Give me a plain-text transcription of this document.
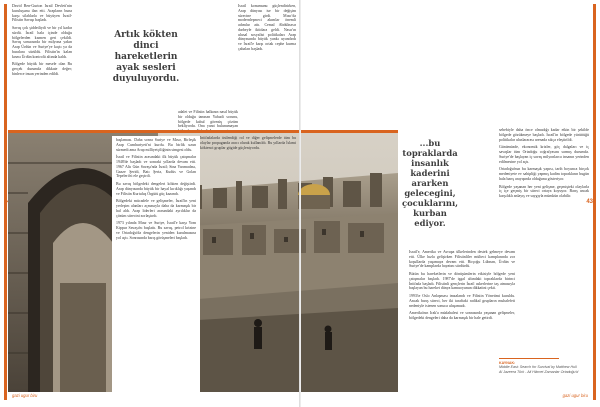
David Ben-Gurion İsrail Devleti'nin kuruluşunu ilan etti. Arapların buna karşı silahlarla ve büyüyen İsrail-Filistin Savaşı başladı.

Savaş çok şiddetliydi ve bir yıl kadar sürdü. İsrail hala içinde olduğu bölgelerden kısmen geri çekildi. Savaş sonucunda bir milyona yakın Arap Ürdün ve Suriye'ye kaçtı ya da buralara sürüldü. Filistin'in kalan kısmı Ürdün kontrolü altında kaldı.

Bölgede büyük bir mesele olan Bu gerçek durumda dikkate değer; binlerce insan yerinden edildi.

Artık kökten dinci hareketlerin ayak sesleri duyuluyordu.

adalet ve Filistin halkının nasıl büyük bir olduğu tanınan Yahudi sorunu, bölgede kabul görmüş çözüm bekliyordu. Ona yanıt bulunamayan bölgede Yahudi-Arap çatışması

İsrail konumunu güçlendirirken, Arap dünyası ise bir değişim sürecine girdi. Mısır'da modernleşmeci akımlar önemli adımlar attı. Cemal Abdülnasır darbeyle iktidara geldi. Nasır'ın ulusal sosyalist politikaları Arap dünyasında büyük yankı uyandırdı ve İsrail'e karşı ortak cephe kurma çabaları başladı.

gazi ugur biru
...bu topraklarda insanlık kaderini ararken gelecegini, çocuklarını, kurban ediyor.

İsrail'e, Amerika ve Avrupa ülkelerinden destek gelmeye devam etti. Ülke hızla gelişirken Filistinliler mülteci kamplarında zor koşullarda yaşamaya devam etti. Birçoğu Lübnan, Ürdün ve Suriye'de kamplarda hayatını sürdürdü.

Bütün bu hareketlerin ve dönüşümlerin etkisiyle bölgede yeni çatışmalar başladı. 1987'de işgal altındaki topraklarda birinci İntifada başladı. Filistinli gençlerin İsrail askerlerine taş atmasıyla başlayan bu hareket dünya kamuoyunun dikkatini çekti.

1993'te Oslo Anlaşması imzalandı ve Filistin Yönetimi kuruldu. Ancak barış süreci, her iki taraftaki radikal grupların muhalefeti nedeniyle istenen sonuca ulaşamadı.

Amerika'nın Irak'a müdahalesi ve sonrasında yaşanan gelişmeler, bölgedeki dengeleri daha da karmaşık bir hale getirdi.

sebebiyle daha önce olmadığı kadar etkin bir şekilde bölgede gözükmeye başladı. İsrail'in bölgede yürüttüğü politikalar uluslararası arenada sıkça eleştirildi.

Günümüzde, ekonomik krizler, göç dalgaları ve iç savaşlar tüm Ortadoğu coğrafyasını sarmış durumda. Suriye'de başlayan iç savaş milyonlarca insanın yerinden edilmesine yol açtı.

Ortadoğu'nun bu karmaşık yapısı, tarih boyunca birçok medeniyete ev sahipliği yapmış kadim toprakların bugün hala barış arayışında olduğunu gösteriyor.

Bölgede yaşanan her yeni gelişme, geçmişteki olaylarla iç içe geçmiş bir süreci ortaya koyuyor. Barış ancak karşılıklı anlayış ve saygıyla mümkün olabilir.

KAYNAK:
Middle East: Search for Survival by Matthew Hull
Al Jazeera Türk - Ali Hikmet Zamanlar Ortadoğu'd
43
gazi ugur biru

başlaması. Daha sonra Suriye ve Mısır, Birleşik Arap Cumhuriyeti'ni kurdu. Bu birlik uzun sürmedi ama Arap milliyetçiliğinin simgesi oldu.

İsrail ve Filistin arasındaki ilk büyük çatışmalar 1948'de başladı ve sonraki yıllarda devam etti. 1967 Altı Gün Savaşı'nda İsrail; Sina Yarımadası, Gazze Şeridi, Batı Şeria, Kudüs ve Golan Tepeleri'ni ele geçirdi.

Bu savaş bölgedeki dengeleri kökten değiştirdi. Arap dünyasında büyük bir hayal kırıklığı yaşandı ve Filistin Kurtuluş Örgütü güç kazandı.

Bölgedeki mücadele ve gelişmeler, İsrail'in yeni yerleşim alanları açmasıyla daha da karmaşık bir hal aldı. Arap liderleri arasındaki ayrılıklar da çözüm sürecini zorlaştırdı.

1973 yılında Mısır ve Suriye, İsrail'e karşı Yom Kippur Savaşı'nı başlattı. Bu savaş, petrol krizine ve Ortadoğu'da dengelerin yeniden kurulmasına yol açtı. Sonrasında barış görüşmeleri başladı.

İntifadalarda üstlendiği rol ve diğer gelişmelerde tüm bu olaylar propaganda aracı olarak kullanıldı. Bu yıllarda İslami köktenci gruplar gitgide güçleniyordu.
